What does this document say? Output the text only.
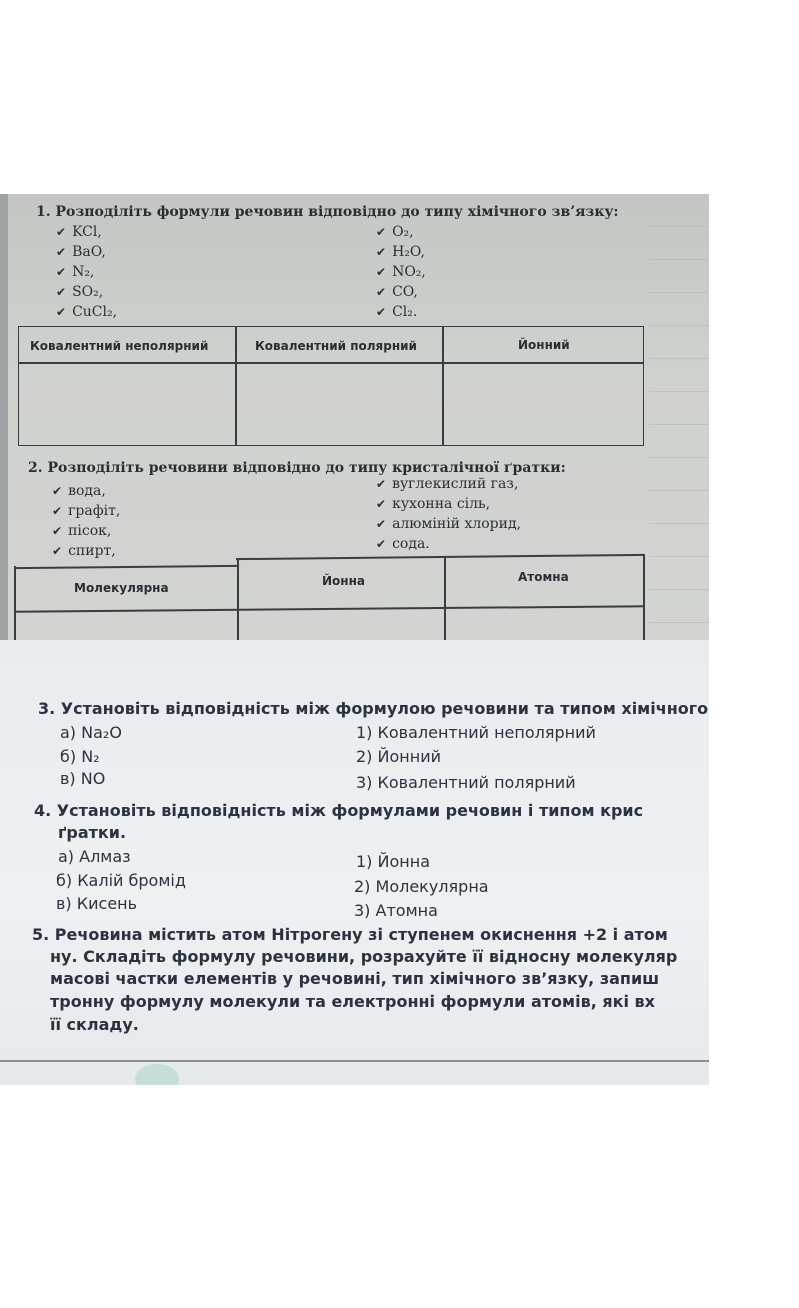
1. Розподіліть формули речовин відповідно до типу хімічного зв’язку:
✔ KCl,
✔ BaO,
✔ N₂,
✔ SO₂,
✔ CuCl₂,
✔ O₂,
✔ H₂O,
✔ NO₂,
✔ CO,
✔ Cl₂.
Ковалентний неполярний	Ковалентний полярний	Йонний
2. Розподіліть речовини відповідно до типу кристалічної ґратки:
✔ вода,
✔ графіт,
✔ пісок,
✔ спирт,
✔ вуглекислий газ,
✔ кухонна сіль,
✔ алюміній хлорид,
✔ сода.
Молекулярна	Йонна	Атомна
3. Установіть відповідність між формулою речовини та типом хімічного
а) Na₂O
б) N₂
в) NO
1) Ковалентний неполярний
2) Йонний
3) Ковалентний полярний
4. Установіть відповідність між формулами речовин і типом крис
ґратки.
а) Алмаз
б) Калій бромід
в) Кисень
1) Йонна
2) Молекулярна
3) Атомна
5. Речовина містить атом Нітрогену зі ступенем окиснення +2 і атом
ну. Складіть формулу речовини, розрахуйте її відносну молекуляр
масові частки елементів у речовині, тип хімічного зв’язку, запиш
тронну формулу молекули та електронні формули атомів, які вх
її складу.
